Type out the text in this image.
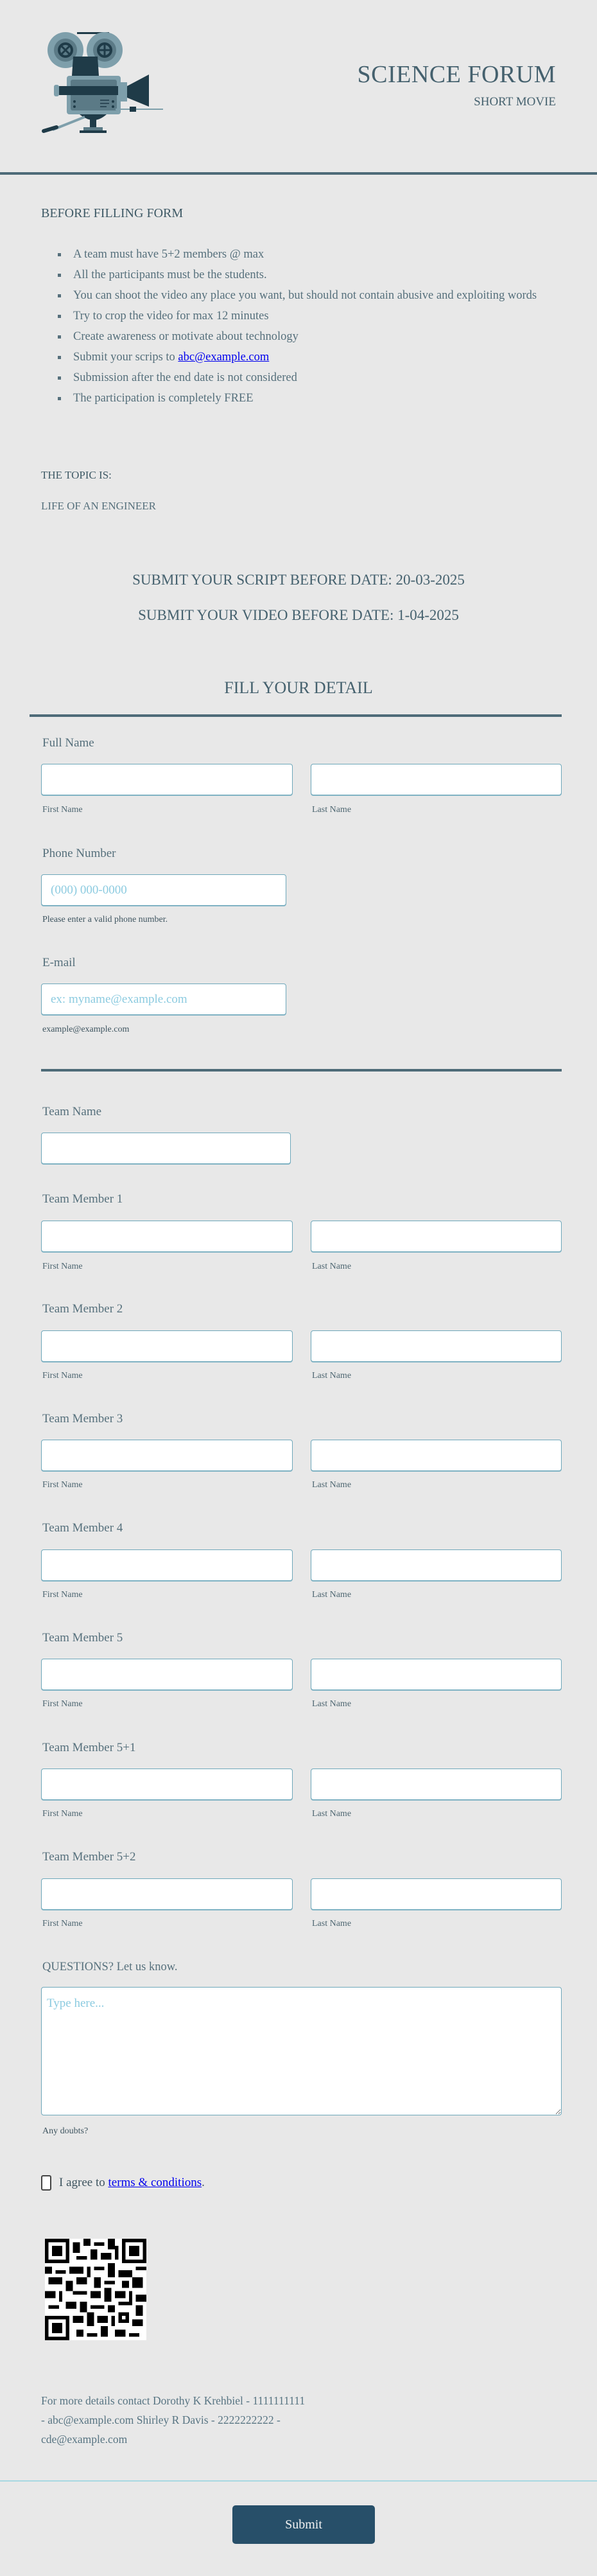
SCIENCE FORUM
SHORT MOVIE
BEFORE FILLING FORM
A team must have 5+2 members @ max
All the participants must be the students.
You can shoot the video any place you want, but should not contain abusive and exploiting words
Try to crop the video for max 12 minutes
Create awareness or motivate about technology
Submit your scrips to abc@example.com
Submission after the end date is not considered
The participation is completely FREE
THE TOPIC IS:
LIFE OF AN ENGINEER
SUBMIT YOUR SCRIPT BEFORE DATE: 20-03-2025
SUBMIT YOUR VIDEO BEFORE DATE: 1-04-2025
FILL YOUR DETAIL
Full Name
First Name	Last Name
Phone Number
(000) 000-0000
Please enter a valid phone number.
E-mail
ex: myname@example.com
example@example.com
Team Name
Team Member 1
First Name	Last Name
Team Member 2
First Name	Last Name
Team Member 3
First Name	Last Name
Team Member 4
First Name	Last Name
Team Member 5
First Name	Last Name
Team Member 5+1
First Name	Last Name
Team Member 5+2
First Name	Last Name
QUESTIONS? Let us know.
Type here...
Any doubts?
I agree to terms & conditions .
For more details contact Dorothy K Krehbiel - 1111111111 - abc@example.com Shirley R Davis - 2222222222 - cde@example.com
Submit
